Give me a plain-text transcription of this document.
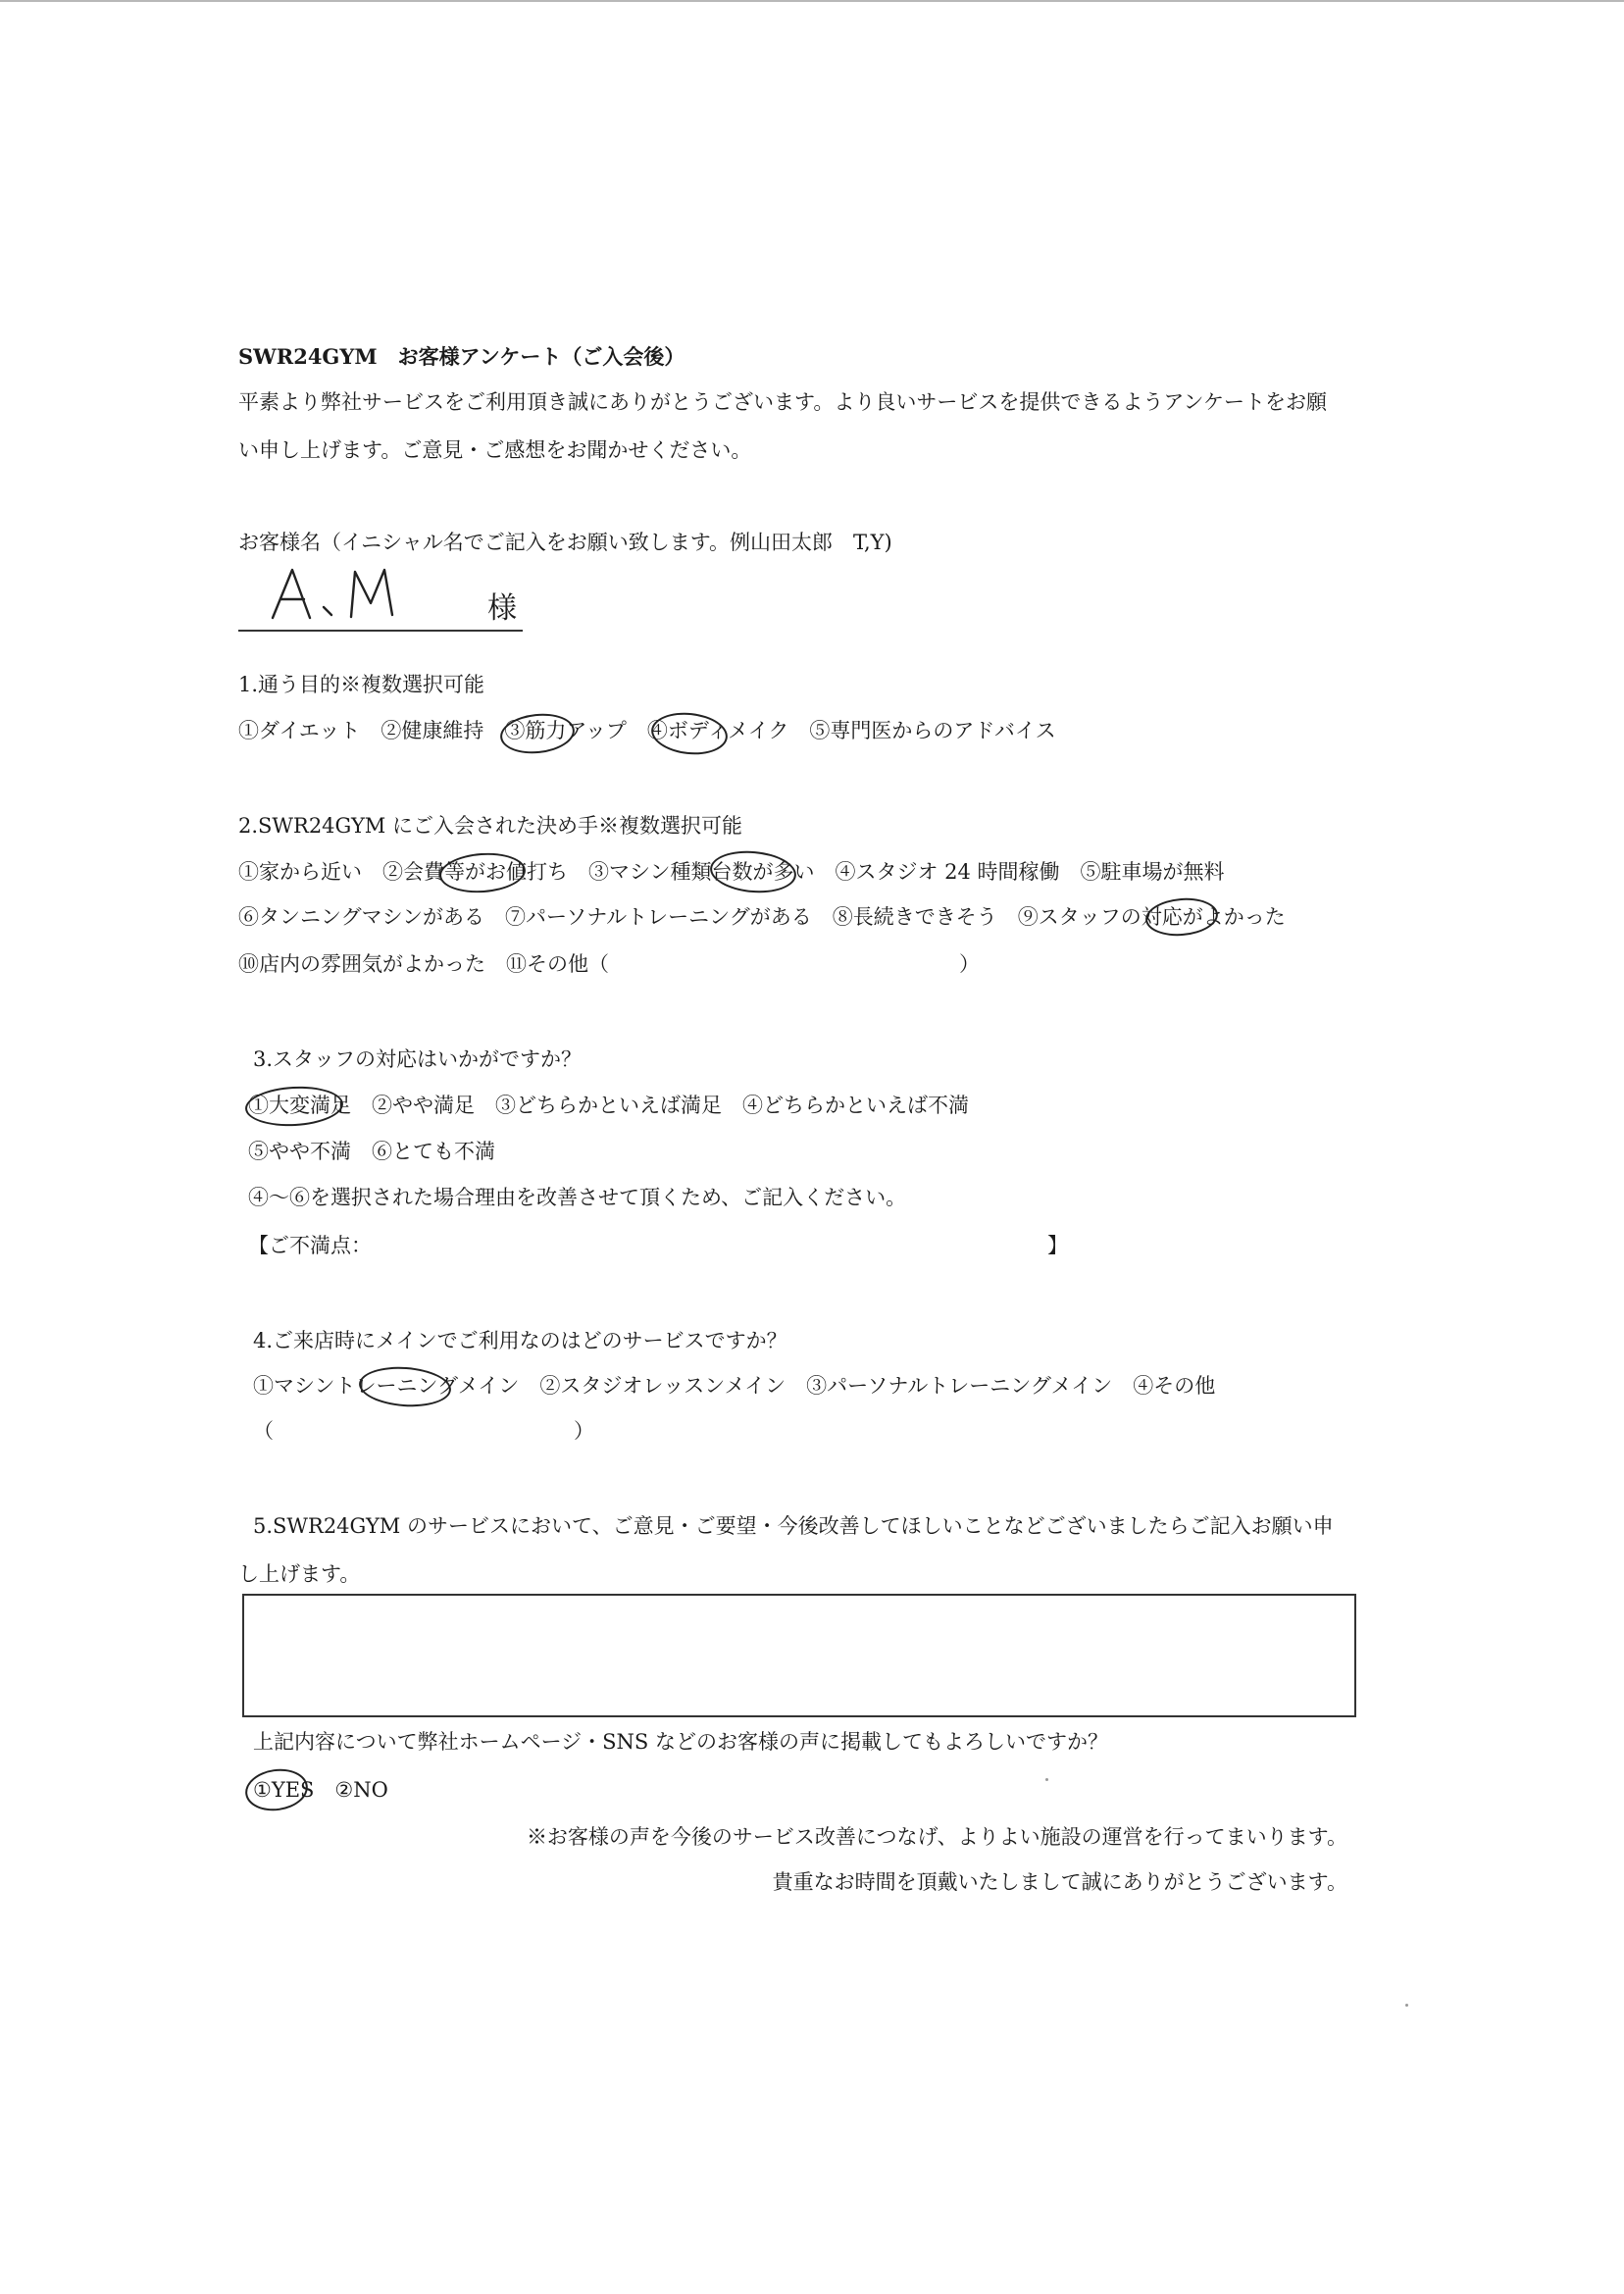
SWR24GYM　お客様アンケート（ご入会後）
平素より弊社サービスをご利用頂き誠にありがとうございます。より良いサービスを提供できるようアンケートをお願
い申し上げます。ご意見・ご感想をお聞かせください。
お客様名（イニシャル名でご記入をお願い致します。例山田太郎　T,Y)
様
1.通う目的※複数選択可能
①ダイエット　②健康維持　③筋力アップ　④ボディメイク　⑤専門医からのアドバイス
2.SWR24GYM にご入会された決め手※複数選択可能
①家から近い　②会費等がお値打ち　③マシン種類台数が多い　④スタジオ 24 時間稼働　⑤駐車場が無料
⑥タンニングマシンがある　⑦パーソナルトレーニングがある　⑧長続きできそう　⑨スタッフの対応がよかった
⑩店内の雰囲気がよかった　⑪その他（　　　　　　　　　　　　　　　　　）
3.スタッフの対応はいかがですか？
①大変満足　②やや満足　③どちらかといえば満足　④どちらかといえば不満
⑤やや不満　⑥とても不満
④〜⑥を選択された場合理由を改善させて頂くため、ご記入ください。
【ご不満点：	】
4.ご来店時にメインでご利用なのはどのサービスですか？
①マシントレーニングメイン　②スタジオレッスンメイン　③パーソナルトレーニングメイン　④その他
（	）
5.SWR24GYM のサービスにおいて、ご意見・ご要望・今後改善してほしいことなどございましたらご記入お願い申
し上げます。
上記内容について弊社ホームページ・SNS などのお客様の声に掲載してもよろしいですか？
①YES　②NO
※お客様の声を今後のサービス改善につなげ、よりよい施設の運営を行ってまいります。
貴重なお時間を頂戴いたしまして誠にありがとうございます。
